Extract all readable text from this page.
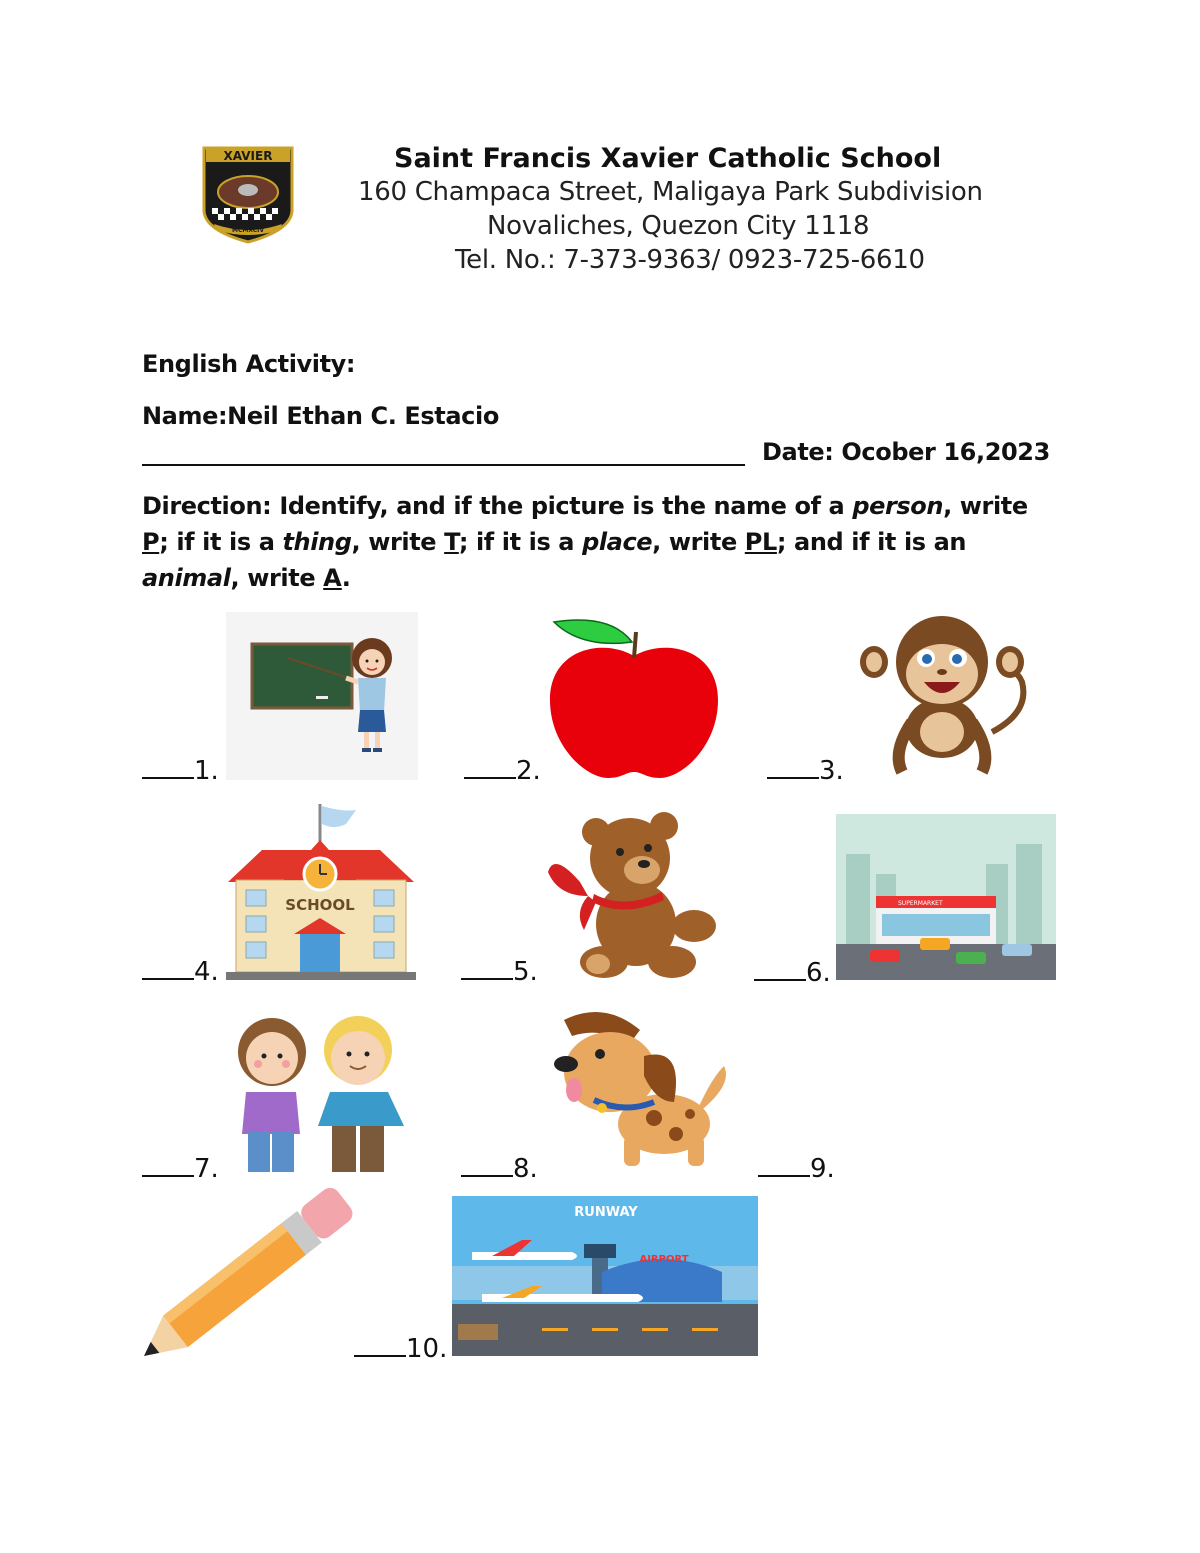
XAVIER
MCMXCIV
Saint Francis Xavier Catholic School
160 Champaca Street, Maligaya Park Subdivision
Novaliches, Quezon City 1118
Tel. No.: 7-373-9363/ 0923-725-6610
English Activity:
Name:Neil Ethan C. Estacio
Date: Ocober 16,2023
Direction: Identify, and if the picture is the name of a person, write P; if it is a thing, write T; if it is a place, write PL; and if it is an animal, write A.
1.	2.	3.
4.	5.	6.
7.	8.	9.
10.
SCHOOL	SUPERMARKET
RUNWAY
AIRPORT
